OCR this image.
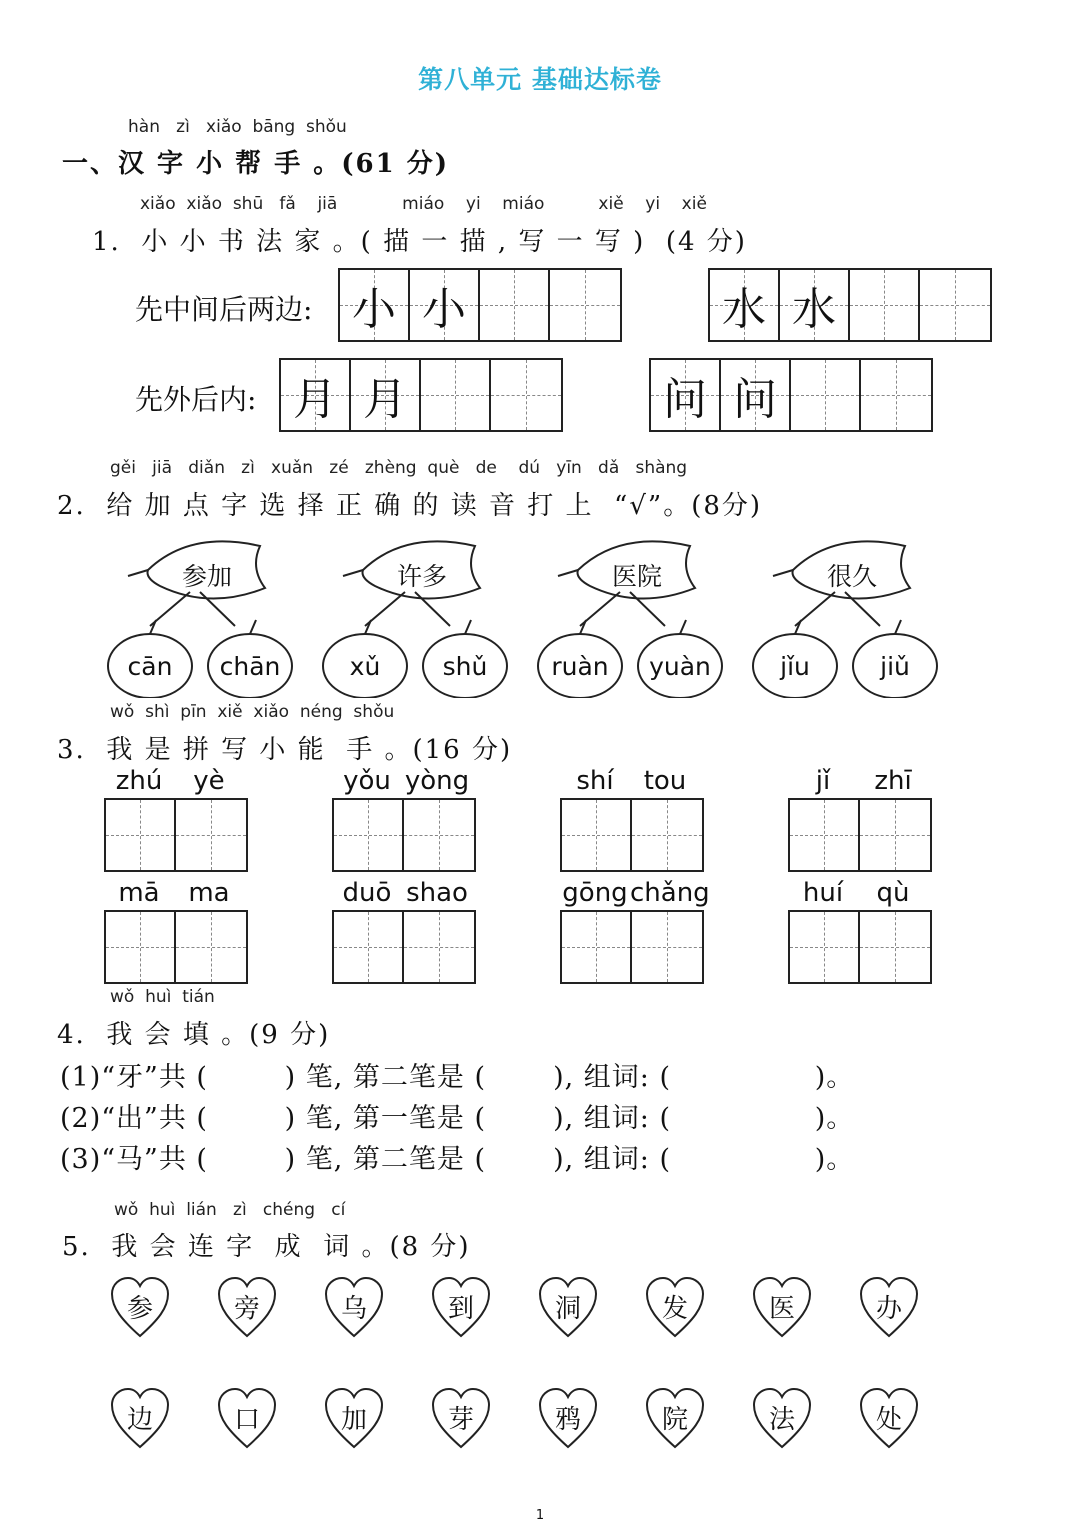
第八单元 基础达标卷
hàn   zì   xiǎo  bāng  shǒu
一、汉 字 小 帮 手 。(61 分)
xiǎo  xiǎo  shū   fǎ    jiā            miáo    yi    miáo          xiě    yi    xiě
1.  小 小 书 法 家 。( 描 一 描 , 写 一 写 )  (4 分)
先中间后两边:
先外后内:
小 小	水 水
月 月	问 问
gěi   jiā   diǎn   zì   xuǎn   zé   zhèng  què   de    dú   yīn   dǎ   shàng
2.  给 加 点 字 选 择 正 确 的 读 音 打 上  “√”。(8分)
参加	许多	医院	很久
cān	chān	xǔ	shǔ	ruàn	yuàn	jǐu	jiǔ
wǒ  shì  pīn  xiě  xiǎo  néng  shǒu
3.  我 是 拼 写 小 能  手 。(16 分)
zhú	yè	yǒu yòng	shí	tou	jǐ	zhī
mā	ma	duō shao	gōng chǎng	huí	qù
wǒ  huì  tián
4.  我 会 填 。(9 分)
(1)“牙”共 (        ) 笔, 第二笔是 (       ), 组词: (               )。
(2)“出”共 (        ) 笔, 第一笔是 (       ), 组词: (               )。
(3)“马”共 (        ) 笔, 第二笔是 (       ), 组词: (               )。
wǒ  huì  lián   zì   chéng   cí
5.  我 会 连 字  成  词 。(8 分)
参	旁	乌	到	洞	发	医	办
边	口	加	芽	鸦	院	法	处
1
